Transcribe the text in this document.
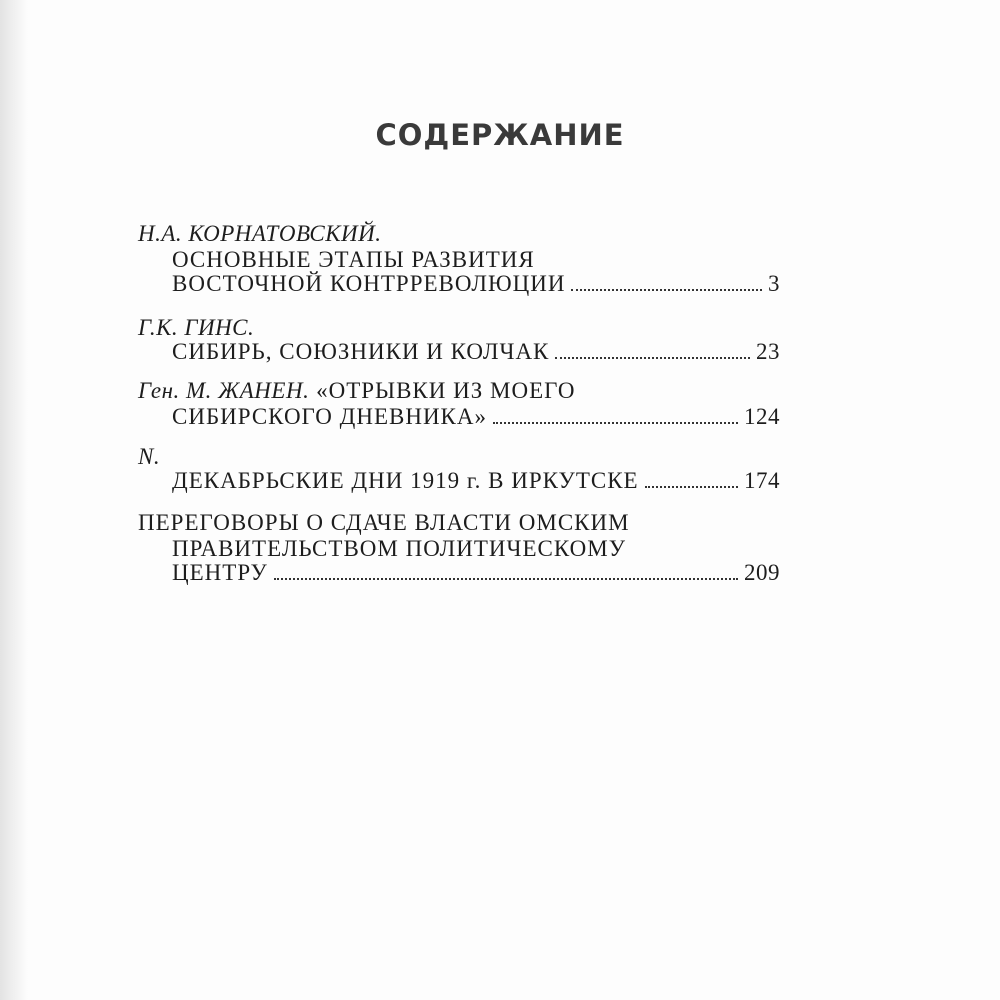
СОДЕРЖАНИЕ
Н.А. КОРНАТОВСКИЙ.
ОСНОВНЫЕ ЭТАПЫ РАЗВИТИЯ
ВОСТОЧНОЙ КОНТРРЕВОЛЮЦИИ	3
Г.К. ГИНС.
СИБИРЬ, СОЮЗНИКИ И КОЛЧАК	23
Ген. М. ЖАНЕН. «ОТРЫВКИ ИЗ МОЕГО
СИБИРСКОГО ДНЕВНИКА»	124
N.
ДЕКАБРЬСКИЕ ДНИ 1919 г. В ИРКУТСКЕ	174
ПЕРЕГОВОРЫ О СДАЧЕ ВЛАСТИ ОМСКИМ
ПРАВИТЕЛЬСТВОМ ПОЛИТИЧЕСКОМУ
ЦЕНТРУ	209
